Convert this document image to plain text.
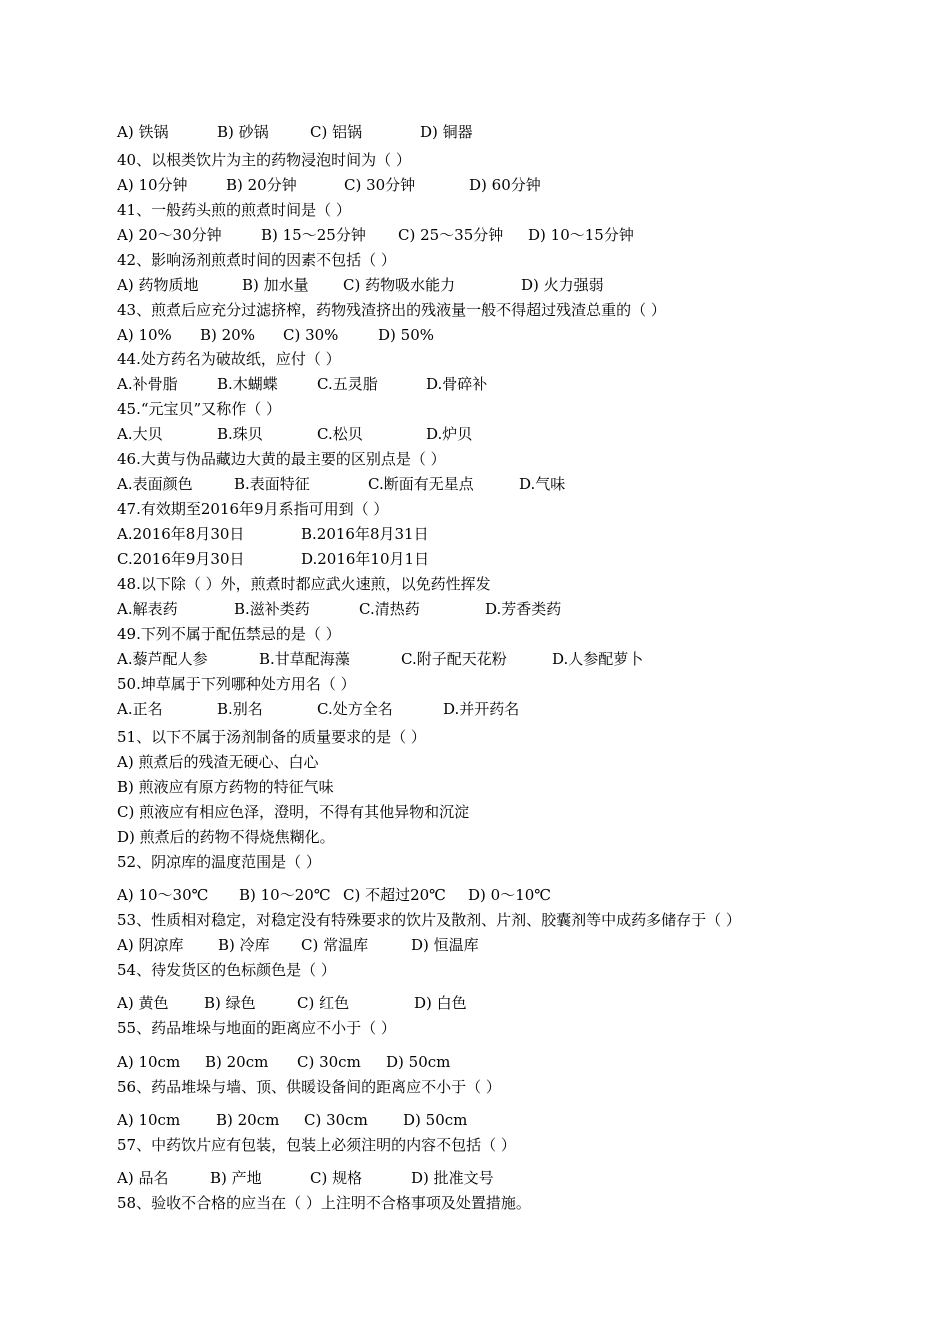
A) 铁锅	B) 砂锅	C) 铝锅	D) 铜器
40、以根类饮片为主的药物浸泡时间为（ ）
A) 10分钟	B) 20分钟	C) 30分钟	D) 60分钟
41、一般药头煎的煎煮时间是（ ）
A) 20～30分钟	B) 15～25分钟 C) 25～35分钟 D) 10～15分钟
42、影响汤剂煎煮时间的因素不包括（ ）
A) 药物质地	B) 加水量 C) 药物吸水能力	D) 火力强弱
43、煎煮后应充分过滤挤榨，药物残渣挤出的残液量一般不得超过残渣总重的（ ）
A) 10% B) 20% C) 30%	D) 50%
44.处方药名为破故纸，应付（ ）
A.补骨脂	B.木蝴蝶	C.五灵脂	D.骨碎补
45.“元宝贝”又称作（ ）
A.大贝	B.珠贝	C.松贝	D.炉贝
46.大黄与伪品藏边大黄的最主要的区别点是（ ）
A.表面颜色	B.表面特征	C.断面有无星点	D.气味
47.有效期至2016年9月系指可用到（ ）
A.2016年8月30日	B.2016年8月31日
C.2016年9月30日	D.2016年10月1日
48.以下除（ ）外，煎煮时都应武火速煎，以免药性挥发
A.解表药	B.滋补类药	C.清热药	D.芳香类药
49.下列不属于配伍禁忌的是（ ）
A.藜芦配人参	B.甘草配海藻	C.附子配天花粉	D.人参配萝卜
50.坤草属于下列哪种处方用名（ ）
A.正名	B.别名	C.处方全名	D.并开药名
51、以下不属于汤剂制备的质量要求的是（ ）
A) 煎煮后的残渣无硬心、白心
B) 煎液应有原方药物的特征气味
C) 煎液应有相应色泽，澄明，不得有其他异物和沉淀
D) 煎煮后的药物不得烧焦糊化。
52、阴凉库的温度范围是（ ）
A) 10～30℃ B) 10～20℃ C) 不超过20℃ D) 0～10℃
53、性质相对稳定，对稳定没有特殊要求的饮片及散剂、片剂、胶囊剂等中成药多储存于（ ）
A) 阴凉库 B) 冷库 C) 常温库	D) 恒温库
54、待发货区的色标颜色是（ ）
A) 黄色 B) 绿色	C) 红色	D) 白色
55、药品堆垛与地面的距离应不小于（ ）
A) 10cm B) 20cm C) 30cm D) 50cm
56、药品堆垛与墙、顶、供暖设备间的距离应不小于（ ）
A) 10cm B) 20cm C) 30cm D) 50cm
57、中药饮片应有包装，包装上必须注明的内容不包括（ ）
A) 品名	B) 产地	C) 规格	D) 批准文号
58、验收不合格的应当在（ ）上注明不合格事项及处置措施。
